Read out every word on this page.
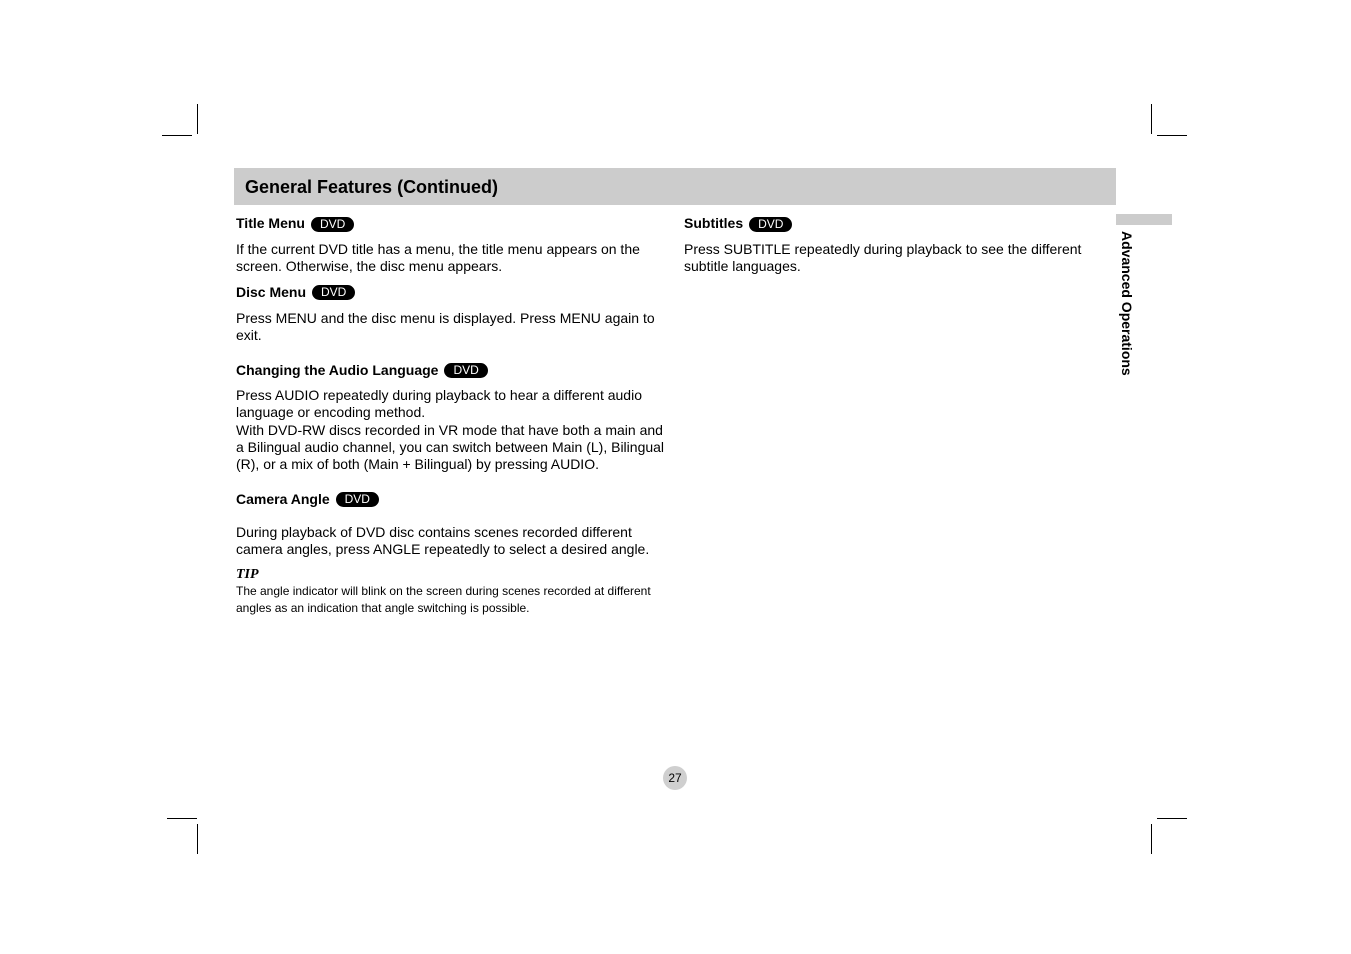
General Features (Continued)
Advanced Operations
Title Menu	DVD

If the current DVD title has a menu, the title menu appears on the screen. Otherwise, the disc menu appears.

Disc Menu	DVD

Press MENU and the disc menu is displayed. Press MENU again to exit.

Changing the Audio Language	DVD

Press AUDIO repeatedly during playback to hear a different audio language or encoding method.

With DVD-RW discs recorded in VR mode that have both a main and a Bilingual audio channel, you can switch between Main (L), Bilingual (R), or a mix of both (Main + Bilingual) by pressing AUDIO.

Camera Angle	DVD

During playback of DVD disc contains scenes recorded different camera angles, press ANGLE repeatedly to select a desired angle.

TIP

The angle indicator will blink on the screen during scenes recorded at different angles as an indication that angle switching is possible.

Subtitles	DVD

Press SUBTITLE repeatedly during playback to see the different subtitle languages.

27
